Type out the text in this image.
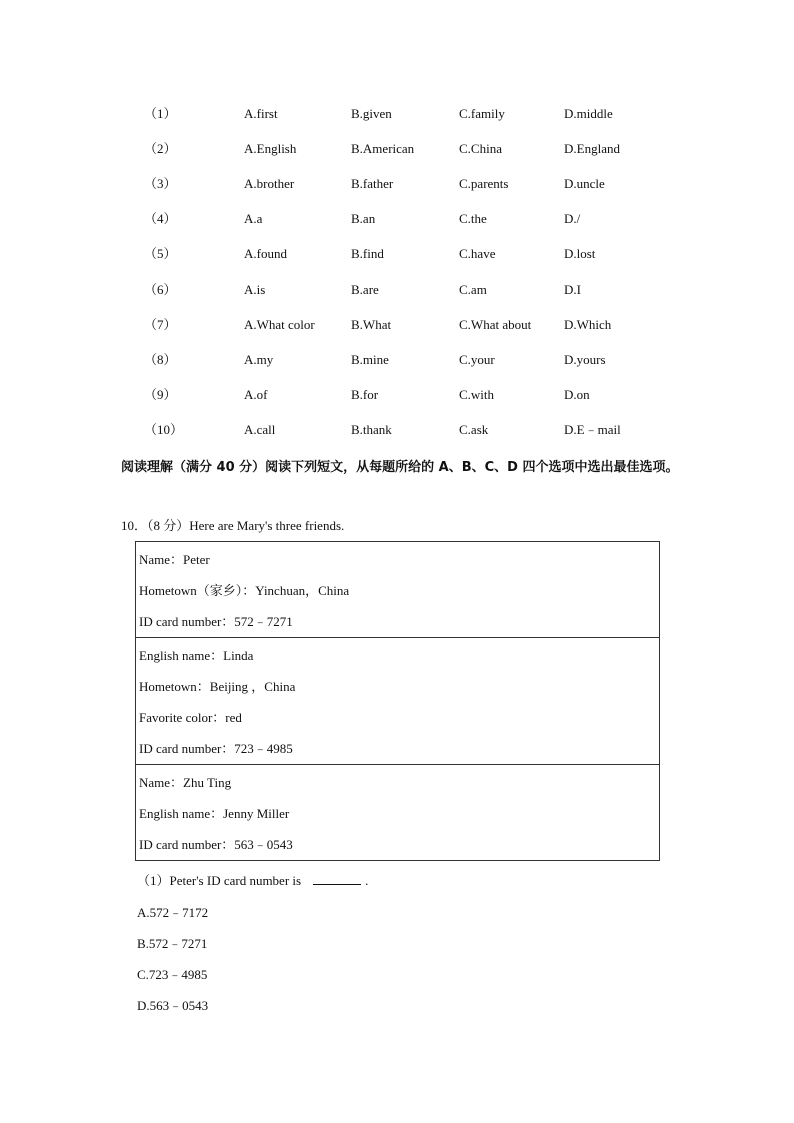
（1）	A.first	B.given	C.family	D.middle
（2）	A.English	B.American	C.China	D.England
（3）	A.brother	B.father	C.parents	D.uncle
（4）	A.a	B.an	C.the	D./
（5）	A.found	B.find	C.have	D.lost
（6）	A.is	B.are	C.am	D.I
（7）	A.What color	B.What	C.What about	D.Which
（8）	A.my	B.mine	C.your	D.yours
（9）	A.of	B.for	C.with	D.on
（10）	A.call	B.thank	C.ask	D.E﹣mail
阅读理解（满分 40 分）阅读下列短文，从每题所给的 A、B、C、D 四个选项中选出最佳选项。
10．（8 分）Here are Mary's three friends.
Name：Peter
Hometown（家乡）：Yinchuan，China
ID card number：572﹣7271
English name：Linda
Hometown：Beijing ，China
Favorite color：red
ID card number：723﹣4985
Name：Zhu Ting
English name：Jenny Miller
ID card number：563﹣0543
（1）Peter's ID card number is	.
A.572﹣7172
B.572﹣7271
C.723﹣4985
D.563﹣0543
